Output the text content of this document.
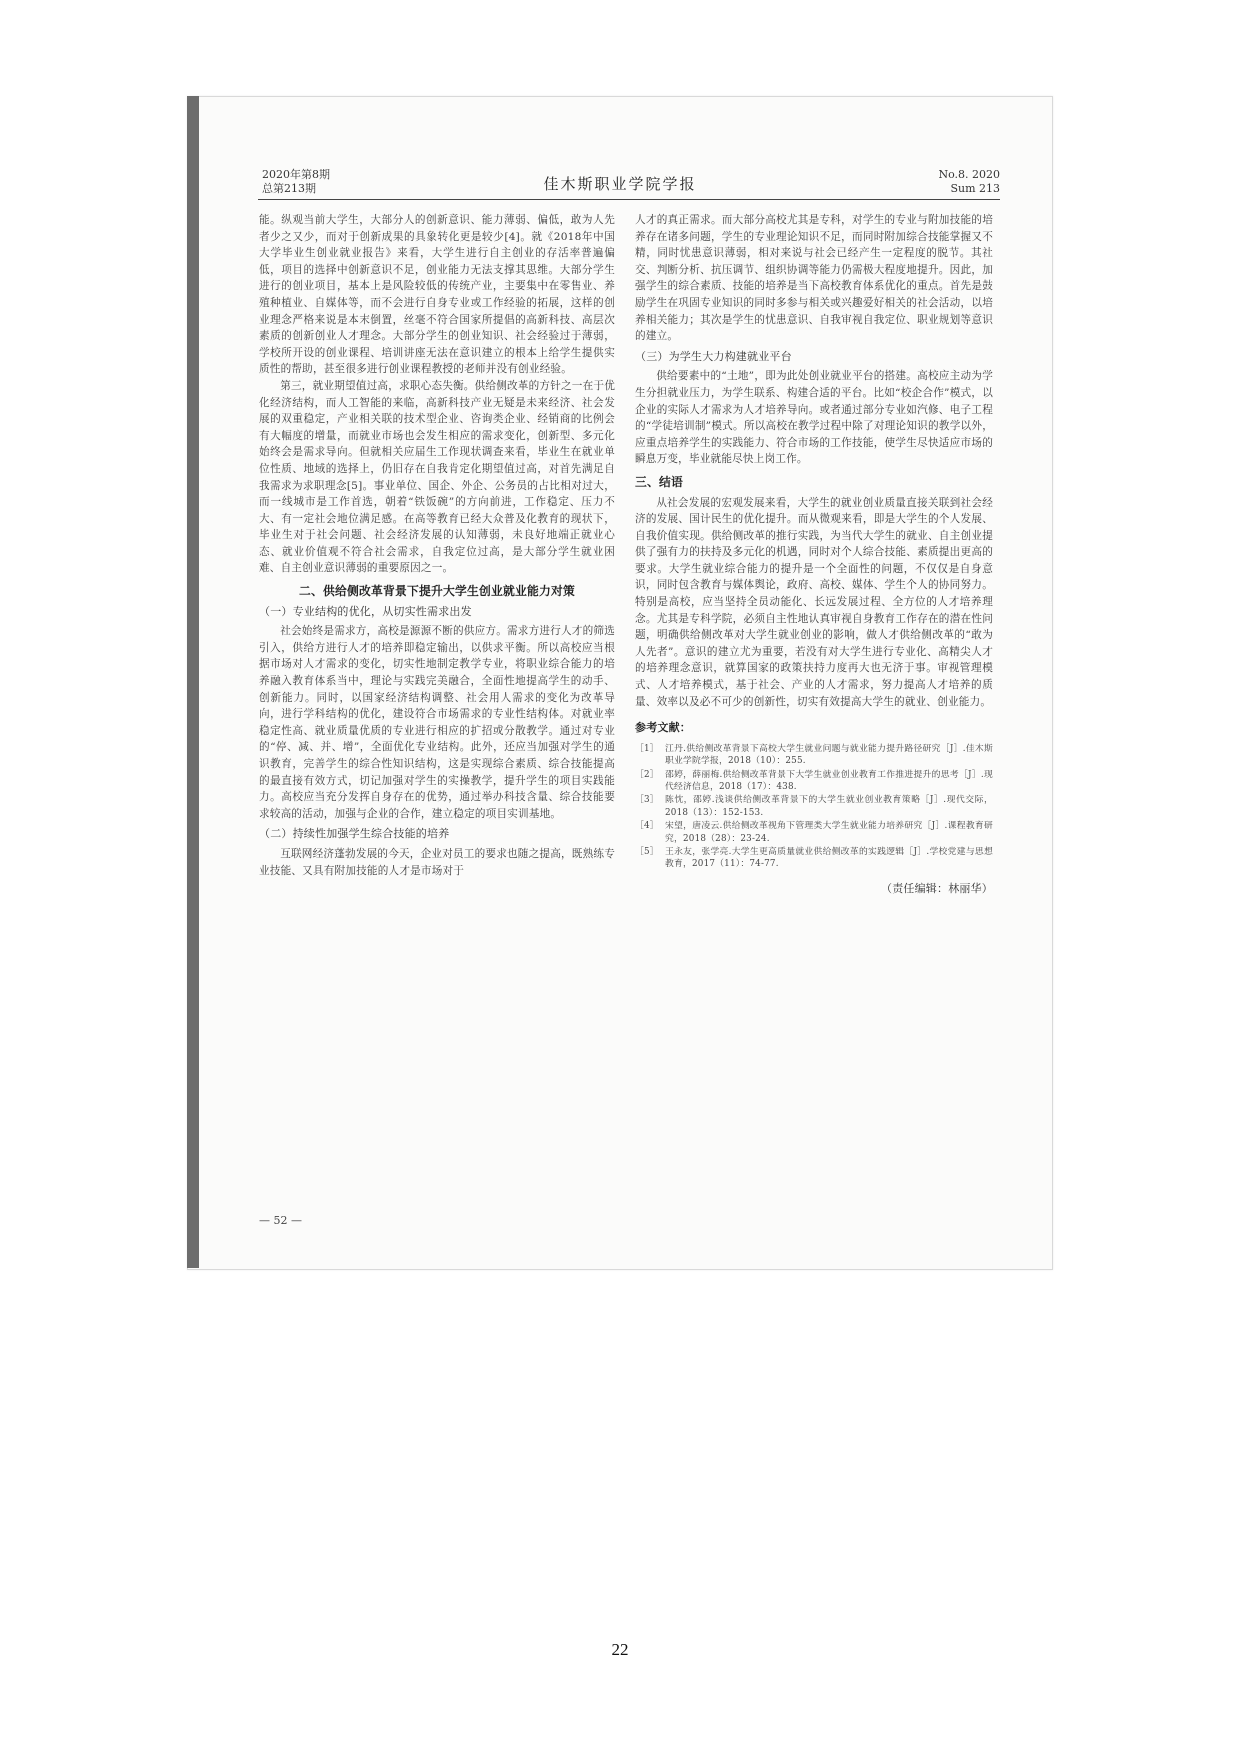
2020年第8期
总第213期	佳木斯职业学院学报
No.8. 2020
Sum 213

能。纵观当前大学生，大部分人的创新意识、能力薄弱、偏低，敢为人先者少之又少，而对于创新成果的具象转化更是较少[4]。就《2018年中国大学毕业生创业就业报告》来看，大学生进行自主创业的存活率普遍偏低，项目的选择中创新意识不足，创业能力无法支撑其思维。大部分学生进行的创业项目，基本上是风险较低的传统产业，主要集中在零售业、养殖种植业、自媒体等，而不会进行自身专业或工作经验的拓展，这样的创业理念严格来说是本末倒置，丝毫不符合国家所提倡的高新科技、高层次素质的创新创业人才理念。大部分学生的创业知识、社会经验过于薄弱，学校所开设的创业课程、培训讲座无法在意识建立的根本上给学生提供实质性的帮助，甚至很多进行创业课程教授的老师并没有创业经验。

第三，就业期望值过高，求职心态失衡。供给侧改革的方针之一在于优化经济结构，而人工智能的来临，高新科技产业无疑是未来经济、社会发展的双重稳定，产业相关联的技术型企业、咨询类企业、经销商的比例会有大幅度的增量，而就业市场也会发生相应的需求变化，创新型、多元化始终会是需求导向。但就相关应届生工作现状调查来看，毕业生在就业单位性质、地域的选择上，仍旧存在自我肯定化期望值过高，对首先满足自我需求为求职理念[5]。事业单位、国企、外企、公务员的占比相对过大，而一线城市是工作首选，朝着“铁饭碗”的方向前进，工作稳定、压力不大、有一定社会地位满足感。在高等教育已经大众普及化教育的现状下，毕业生对于社会问题、社会经济发展的认知薄弱，未良好地端正就业心态、就业价值观不符合社会需求，自我定位过高，是大部分学生就业困难、自主创业意识薄弱的重要原因之一。

二、供给侧改革背景下提升大学生创业就业能力对策
（一）专业结构的优化，从切实性需求出发

社会始终是需求方，高校是源源不断的供应方。需求方进行人才的筛选引入，供给方进行人才的培养即稳定输出，以供求平衡。所以高校应当根据市场对人才需求的变化，切实性地制定教学专业，将职业综合能力的培养融入教育体系当中，理论与实践完美融合，全面性地提高学生的动手、创新能力。同时，以国家经济结构调整、社会用人需求的变化为改革导向，进行学科结构的优化，建设符合市场需求的专业性结构体。对就业率稳定性高、就业质量优质的专业进行相应的扩招或分散教学。通过对专业的“停、减、并、增”，全面优化专业结构。此外，还应当加强对学生的通识教育，完善学生的综合性知识结构，这是实现综合素质、综合技能提高的最直接有效方式，切记加强对学生的实操教学，提升学生的项目实践能力。高校应当充分发挥自身存在的优势，通过举办科技含量、综合技能要求较高的活动，加强与企业的合作，建立稳定的项目实训基地。

（二）持续性加强学生综合技能的培养

互联网经济蓬勃发展的今天，企业对员工的要求也随之提高，既熟练专业技能、又具有附加技能的人才是市场对于

人才的真正需求。而大部分高校尤其是专科，对学生的专业与附加技能的培养存在诸多问题，学生的专业理论知识不足，而同时附加综合技能掌握又不精，同时忧患意识薄弱，相对来说与社会已经产生一定程度的脱节。其社交、判断分析、抗压调节、组织协调等能力仍需极大程度地提升。因此，加强学生的综合素质、技能的培养是当下高校教育体系优化的重点。首先是鼓励学生在巩固专业知识的同时多参与相关或兴趣爱好相关的社会活动，以培养相关能力；其次是学生的忧患意识、自我审视自我定位、职业规划等意识的建立。

（三）为学生大力构建就业平台

供给要素中的“土地”，即为此处创业就业平台的搭建。高校应主动为学生分担就业压力，为学生联系、构建合适的平台。比如“校企合作”模式，以企业的实际人才需求为人才培养导向。或者通过部分专业如汽修、电子工程的“学徒培训制”模式。所以高校在教学过程中除了对理论知识的教学以外，应重点培养学生的实践能力、符合市场的工作技能，使学生尽快适应市场的瞬息万变，毕业就能尽快上岗工作。

三、结语

从社会发展的宏观发展来看，大学生的就业创业质量直接关联到社会经济的发展、国计民生的优化提升。而从微观来看，即是大学生的个人发展、自我价值实现。供给侧改革的推行实践，为当代大学生的就业、自主创业提供了强有力的扶持及多元化的机遇，同时对个人综合技能、素质提出更高的要求。大学生就业综合能力的提升是一个全面性的问题，不仅仅是自身意识，同时包含教育与媒体舆论，政府、高校、媒体、学生个人的协同努力。特别是高校，应当坚持全员动能化、长远发展过程、全方位的人才培养理念。尤其是专科学院，必须自主性地认真审视自身教育工作存在的潜在性问题，明确供给侧改革对大学生就业创业的影响，做人才供给侧改革的“敢为人先者”。意识的建立尤为重要，若没有对大学生进行专业化、高精尖人才的培养理念意识，就算国家的政策扶持力度再大也无济于事。审视管理模式、人才培养模式，基于社会、产业的人才需求，努力提高人才培养的质量、效率以及必不可少的创新性，切实有效提高大学生的就业、创业能力。

参考文献：
［1］ 江丹.供给侧改革背景下高校大学生就业问题与就业能力提升路径研究［J］.佳木斯职业学院学报，2018（10）：255.
［2］ 邵婷，薛丽梅.供给侧改革背景下大学生就业创业教育工作推进提升的思考［J］.现代经济信息，2018（17）：438.
［3］ 陈忱，邵婷.浅谈供给侧改革背景下的大学生就业创业教育策略［J］.现代交际，2018（13）：152-153.
［4］ 宋望，唐凌云.供给侧改革视角下管理类大学生就业能力培养研究［J］.课程教育研究，2018（28）：23-24.
［5］ 王永友，张学亮.大学生更高质量就业供给侧改革的实践逻辑［J］.学校党建与思想教育，2017（11）：74-77.
（责任编辑：林丽华）
— 52 —
22
